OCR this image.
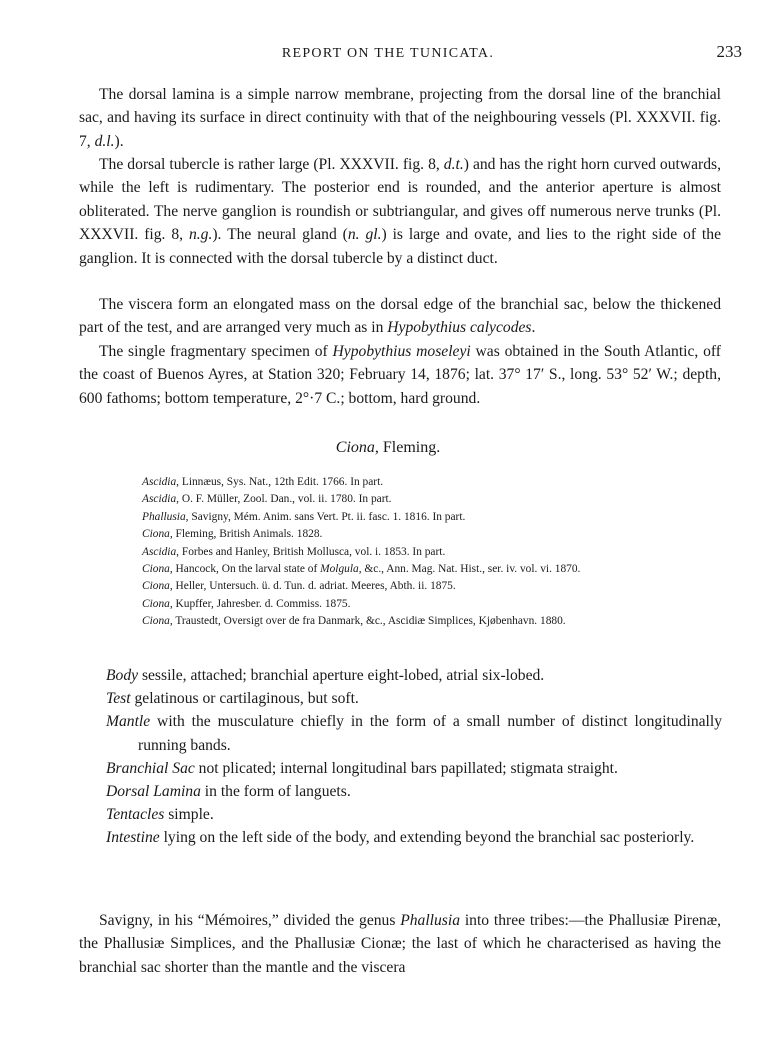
REPORT ON THE TUNICATA.	233

The dorsal lamina is a simple narrow membrane, projecting from the dorsal line of the branchial sac, and having its surface in direct continuity with that of the neighbouring vessels (Pl. XXXVII. fig. 7, d.l.).

The dorsal tubercle is rather large (Pl. XXXVII. fig. 8, d.t.) and has the right horn curved outwards, while the left is rudimentary. The posterior end is rounded, and the anterior aperture is almost obliterated. The nerve ganglion is roundish or subtriangular, and gives off numerous nerve trunks (Pl. XXXVII. fig. 8, n.g.). The neural gland (n. gl.) is large and ovate, and lies to the right side of the ganglion. It is connected with the dorsal tubercle by a distinct duct.

The viscera form an elongated mass on the dorsal edge of the branchial sac, below the thickened part of the test, and are arranged very much as in Hypobythius calycodes.

The single fragmentary specimen of Hypobythius moseleyi was obtained in the South Atlantic, off the coast of Buenos Ayres, at Station 320; February 14, 1876; lat. 37° 17′ S., long. 53° 52′ W.; depth, 600 fathoms; bottom temperature, 2°·7 C.; bottom, hard ground.

Ciona, Fleming.

Ascidia, Linnæus, Sys. Nat., 12th Edit. 1766. In part.

Ascidia, O. F. Müller, Zool. Dan., vol. ii. 1780. In part.

Phallusia, Savigny, Mém. Anim. sans Vert. Pt. ii. fasc. 1. 1816. In part.

Ciona, Fleming, British Animals. 1828.

Ascidia, Forbes and Hanley, British Mollusca, vol. i. 1853. In part.

Ciona, Hancock, On the larval state of Molgula, &c., Ann. Mag. Nat. Hist., ser. iv. vol. vi. 1870.

Ciona, Heller, Untersuch. ü. d. Tun. d. adriat. Meeres, Abth. ii. 1875.

Ciona, Kupffer, Jahresber. d. Commiss. 1875.

Ciona, Traustedt, Oversigt over de fra Danmark, &c., Ascidiæ Simplices, Kjøbenhavn. 1880.

Body sessile, attached; branchial aperture eight-lobed, atrial six-lobed.

Test gelatinous or cartilaginous, but soft.

Mantle with the musculature chiefly in the form of a small number of distinct longitudinally running bands.

Branchial Sac not plicated; internal longitudinal bars papillated; stigmata straight.

Dorsal Lamina in the form of languets.

Tentacles simple.

Intestine lying on the left side of the body, and extending beyond the branchial sac posteriorly.

Savigny, in his “Mémoires,” divided the genus Phallusia into three tribes:—the Phallusiæ Pirenæ, the Phallusiæ Simplices, and the Phallusiæ Cionæ; the last of which he characterised as having the branchial sac shorter than the mantle and the viscera
